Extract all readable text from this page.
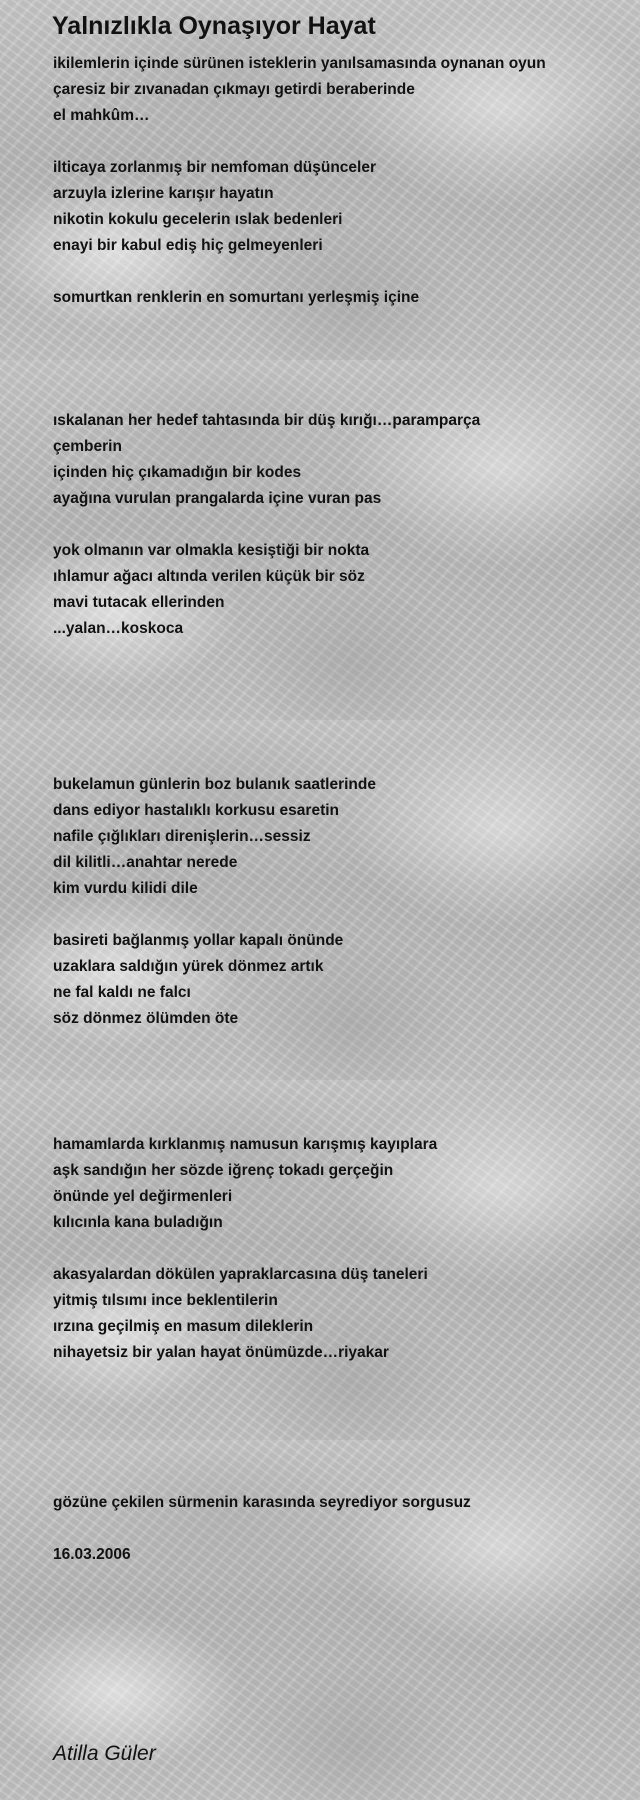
Yalnızlıkla Oynaşıyor Hayat
ikilemlerin içinde sürünen isteklerin yanılsamasında oynanan oyun
çaresiz bir zıvanadan çıkmayı getirdi beraberinde
el mahkûm…
ilticaya zorlanmış bir nemfoman düşünceler
arzuyla izlerine karışır hayatın
nikotin kokulu gecelerin ıslak bedenleri
enayi bir kabul ediş hiç gelmeyenleri
somurtkan renklerin en somurtanı yerleşmiş içine
ıskalanan her hedef tahtasında bir düş kırığı…paramparça
çemberin
içinden hiç çıkamadığın bir kodes
ayağına vurulan prangalarda içine vuran pas
yok olmanın var olmakla kesiştiği bir nokta
ıhlamur ağacı altında verilen küçük bir söz
mavi tutacak ellerinden
...yalan…koskoca
bukelamun günlerin boz bulanık saatlerinde
dans ediyor hastalıklı korkusu esaretin
nafile çığlıkları direnişlerin…sessiz
dil kilitli…anahtar nerede
kim vurdu kilidi dile
basireti bağlanmış yollar kapalı önünde
uzaklara saldığın yürek dönmez artık
ne fal kaldı ne falcı
söz dönmez ölümden öte
hamamlarda kırklanmış namusun karışmış kayıplara
aşk sandığın her sözde iğrenç tokadı gerçeğin
önünde yel değirmenleri
kılıcınla kana buladığın
akasyalardan dökülen yapraklarcasına düş taneleri
yitmiş tılsımı ince beklentilerin
ırzına geçilmiş en masum dileklerin
nihayetsiz bir yalan hayat önümüzde…riyakar
gözüne çekilen sürmenin karasında seyrediyor sorgusuz
16.03.2006
Atilla Güler
